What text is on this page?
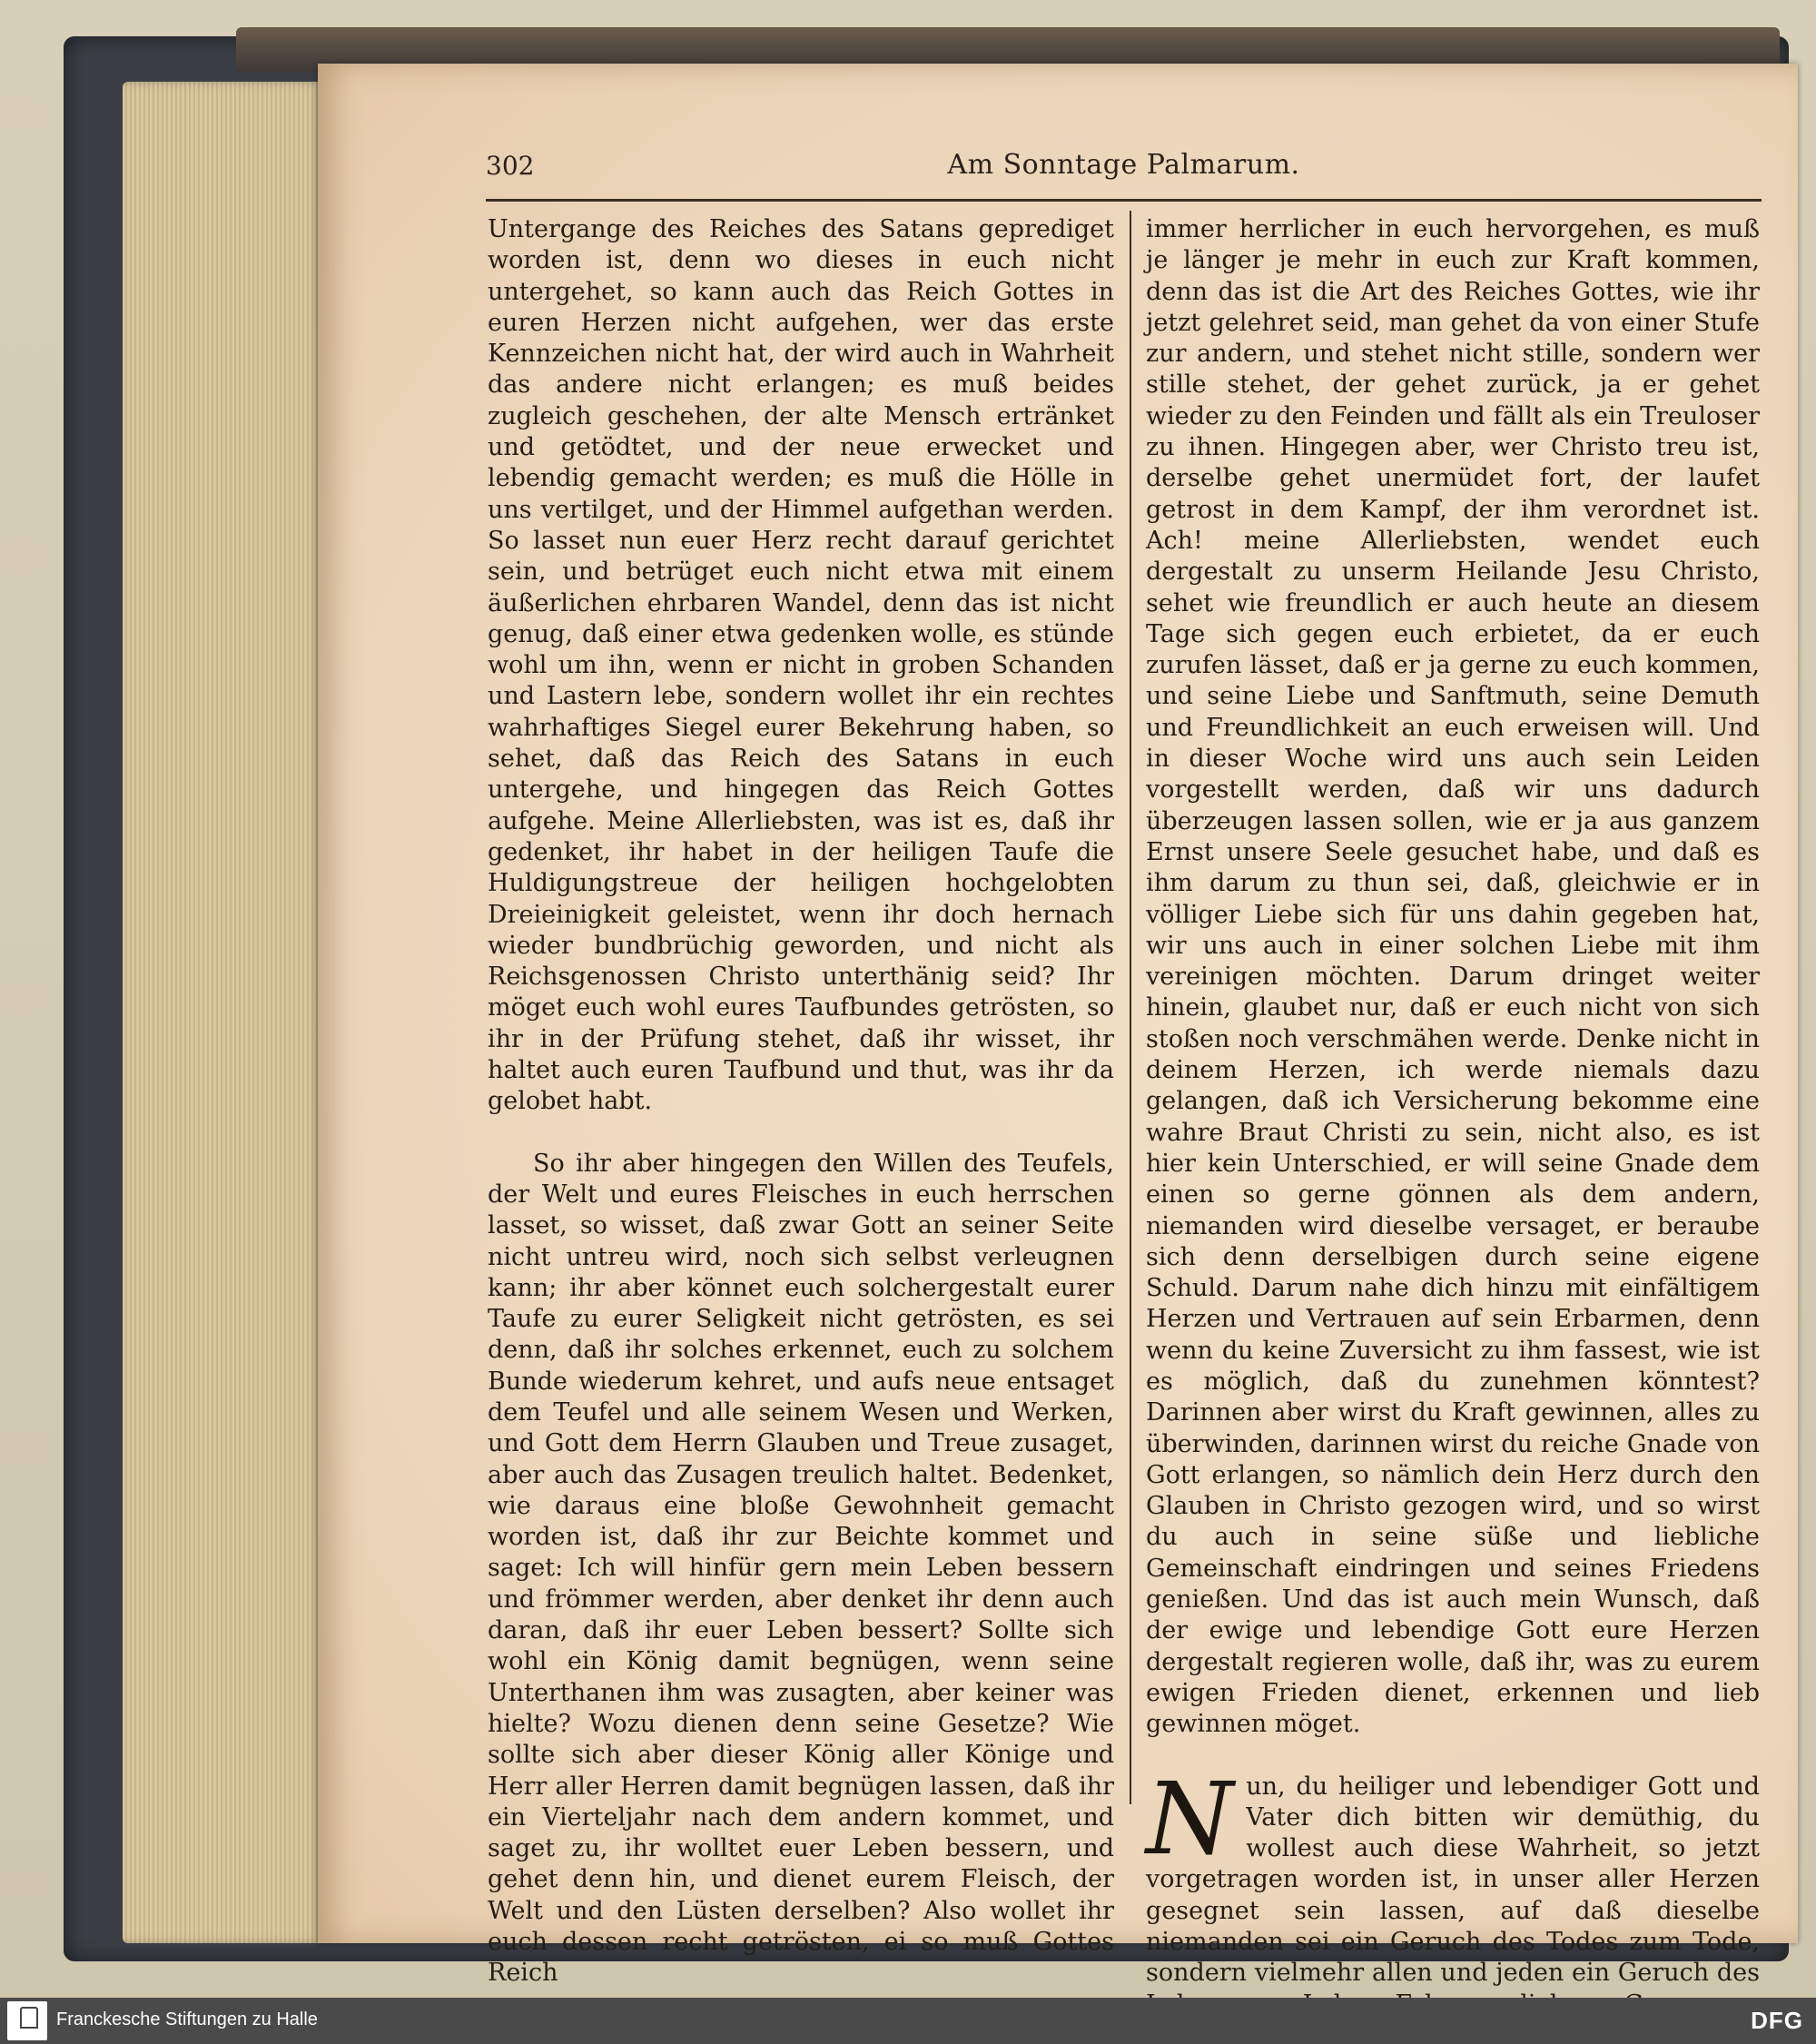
302	Am Sonntage Palmarum.

Untergange des Reiches des Satans geprediget worden ist, denn wo dieses in euch nicht untergehet, so kann auch das Reich Gottes in euren Herzen nicht aufgehen, wer das erste Kennzeichen nicht hat, der wird auch in Wahrheit das andere nicht erlangen; es muß beides zugleich geschehen, der alte Mensch ertränket und getödtet, und der neue erwecket und lebendig gemacht werden; es muß die Hölle in uns vertilget, und der Himmel aufgethan werden. So lasset nun euer Herz recht darauf gerichtet sein, und betrüget euch nicht etwa mit einem äußerlichen ehrbaren Wandel, denn das ist nicht genug, daß einer etwa gedenken wolle, es stünde wohl um ihn, wenn er nicht in groben Schanden und Lastern lebe, sondern wollet ihr ein rechtes wahrhaftiges Siegel eurer Bekehrung haben, so sehet, daß das Reich des Satans in euch untergehe, und hingegen das Reich Gottes aufgehe. Meine Allerliebsten, was ist es, daß ihr gedenket, ihr habet in der heiligen Taufe die Huldigungstreue der heiligen hochgelobten Dreieinigkeit geleistet, wenn ihr doch hernach wieder bundbrüchig geworden, und nicht als Reichsgenossen Christo unterthänig seid? Ihr möget euch wohl eures Taufbundes getrösten, so ihr in der Prüfung stehet, daß ihr wisset, ihr haltet auch euren Taufbund und thut, was ihr da gelobet habt.

So ihr aber hingegen den Willen des Teufels, der Welt und eures Fleisches in euch herrschen lasset, so wisset, daß zwar Gott an seiner Seite nicht untreu wird, noch sich selbst verleugnen kann; ihr aber könnet euch solchergestalt eurer Taufe zu eurer Seligkeit nicht getrösten, es sei denn, daß ihr solches erkennet, euch zu solchem Bunde wiederum kehret, und aufs neue entsaget dem Teufel und alle seinem Wesen und Werken, und Gott dem Herrn Glauben und Treue zusaget, aber auch das Zusagen treulich haltet. Bedenket, wie daraus eine bloße Gewohnheit gemacht worden ist, daß ihr zur Beichte kommet und saget: Ich will hinfür gern mein Leben bessern und frömmer werden, aber denket ihr denn auch daran, daß ihr euer Leben bessert? Sollte sich wohl ein König damit begnügen, wenn seine Unterthanen ihm was zusagten, aber keiner was hielte? Wozu dienen denn seine Gesetze? Wie sollte sich aber dieser König aller Könige und Herr aller Herren damit begnügen lassen, daß ihr ein Vierteljahr nach dem andern kommet, und saget zu, ihr wolltet euer Leben bessern, und gehet denn hin, und dienet eurem Fleisch, der Welt und den Lüsten derselben? Also wollet ihr euch dessen recht getrösten, ei so muß Gottes Reich

immer herrlicher in euch hervorgehen, es muß je länger je mehr in euch zur Kraft kommen, denn das ist die Art des Reiches Gottes, wie ihr jetzt gelehret seid, man gehet da von einer Stufe zur andern, und stehet nicht stille, sondern wer stille stehet, der gehet zurück, ja er gehet wieder zu den Feinden und fällt als ein Treuloser zu ihnen. Hingegen aber, wer Christo treu ist, derselbe gehet unermüdet fort, der laufet getrost in dem Kampf, der ihm verordnet ist. Ach! meine Allerliebsten, wendet euch dergestalt zu unserm Heilande Jesu Christo, sehet wie freundlich er auch heute an diesem Tage sich gegen euch erbietet, da er euch zurufen lässet, daß er ja gerne zu euch kommen, und seine Liebe und Sanftmuth, seine Demuth und Freundlichkeit an euch erweisen will. Und in dieser Woche wird uns auch sein Leiden vorgestellt werden, daß wir uns dadurch überzeugen lassen sollen, wie er ja aus ganzem Ernst unsere Seele gesuchet habe, und daß es ihm darum zu thun sei, daß, gleichwie er in völliger Liebe sich für uns dahin gegeben hat, wir uns auch in einer solchen Liebe mit ihm vereinigen möchten. Darum dringet weiter hinein, glaubet nur, daß er euch nicht von sich stoßen noch verschmähen werde. Denke nicht in deinem Herzen, ich werde niemals dazu gelangen, daß ich Versicherung bekomme eine wahre Braut Christi zu sein, nicht also, es ist hier kein Unterschied, er will seine Gnade dem einen so gerne gönnen als dem andern, niemanden wird dieselbe versaget, er beraube sich denn derselbigen durch seine eigene Schuld. Darum nahe dich hinzu mit einfältigem Herzen und Vertrauen auf sein Erbarmen, denn wenn du keine Zuversicht zu ihm fassest, wie ist es möglich, daß du zunehmen könntest? Darinnen aber wirst du Kraft gewinnen, alles zu überwinden, darinnen wirst du reiche Gnade von Gott erlangen, so nämlich dein Herz durch den Glauben in Christo gezogen wird, und so wirst du auch in seine süße und liebliche Gemeinschaft eindringen und seines Friedens genießen. Und das ist auch mein Wunsch, daß der ewige und lebendige Gott eure Herzen dergestalt regieren wolle, daß ihr, was zu eurem ewigen Frieden dienet, erkennen und lieb gewinnen möget.

Nun, du heiliger und lebendiger Gott und Vater dich bitten wir demüthig, du wollest auch diese Wahrheit, so jetzt vorgetragen worden ist, in unser aller Herzen gesegnet sein lassen, auf daß dieselbe niemanden sei ein Geruch des Todes zum Tode, sondern vielmehr allen und jeden ein Geruch des

Franckesche Stiftungen zu Halle	DFG
